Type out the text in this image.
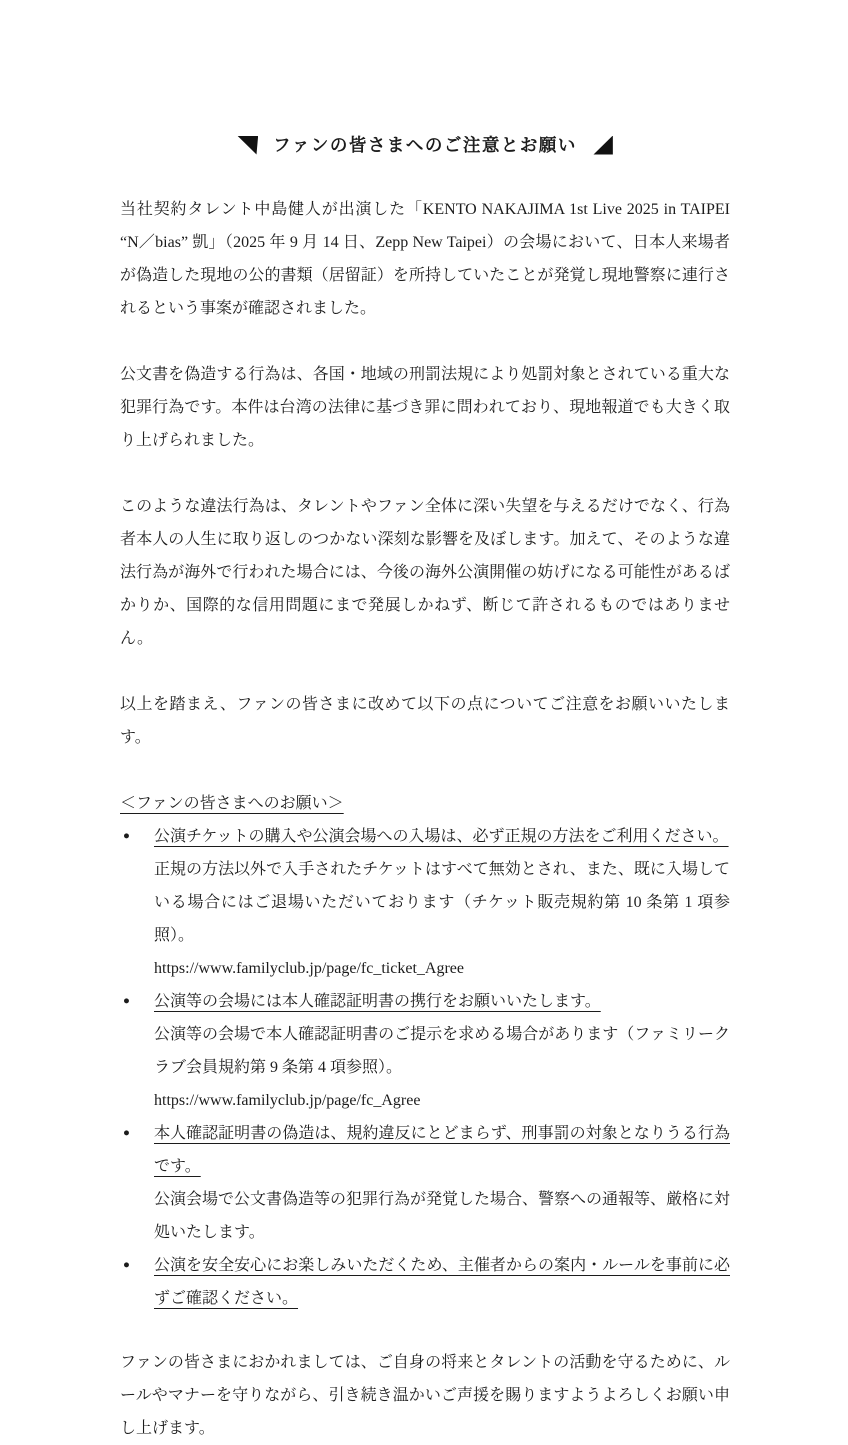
ファンの皆さまへのご注意とお願い

当社契約タレント中島健人が出演した「KENTO NAKAJIMA 1st Live 2025 in TAIPEI “N／bias” 凱」（2025 年 9 月 14 日、Zepp New Taipei）の会場において、日本人来場者が偽造した現地の公的書類（居留証）を所持していたことが発覚し現地警察に連行されるという事案が確認されました。

公文書を偽造する行為は、各国・地域の刑罰法規により処罰対象とされている重大な犯罪行為です。本件は台湾の法律に基づき罪に問われており、現地報道でも大きく取り上げられました。

このような違法行為は、タレントやファン全体に深い失望を与えるだけでなく、行為者本人の人生に取り返しのつかない深刻な影響を及ぼします。加えて、そのような違法行為が海外で行われた場合には、今後の海外公演開催の妨げになる可能性があるばかりか、国際的な信用問題にまで発展しかねず、断じて許されるものではありません。

以上を踏まえ、ファンの皆さまに改めて以下の点についてご注意をお願いいたします。

＜ファンの皆さまへのお願い＞

●	公演チケットの購入や公演会場への入場は、必ず正規の方法をご利用ください。
正規の方法以外で入手されたチケットはすべて無効とされ、また、既に入場している場合にはご退場いただいております（チケット販売規約第 10 条第 1 項参照）。
https://www.familyclub.jp/page/fc_ticket_Agree
●	公演等の会場には本人確認証明書の携行をお願いいたします。
公演等の会場で本人確認証明書のご提示を求める場合があります（ファミリークラブ会員規約第 9 条第 4 項参照）。
https://www.familyclub.jp/page/fc_Agree
●	本人確認証明書の偽造は、規約違反にとどまらず、刑事罰の対象となりうる行為です。
公演会場で公文書偽造等の犯罪行為が発覚した場合、警察への通報等、厳格に対処いたします。
●	公演を安全安心にお楽しみいただくため、主催者からの案内・ルールを事前に必ずご確認ください。

ファンの皆さまにおかれましては、ご自身の将来とタレントの活動を守るために、ルールやマナーを守りながら、引き続き温かいご声援を賜りますようよろしくお願い申し上げます。
